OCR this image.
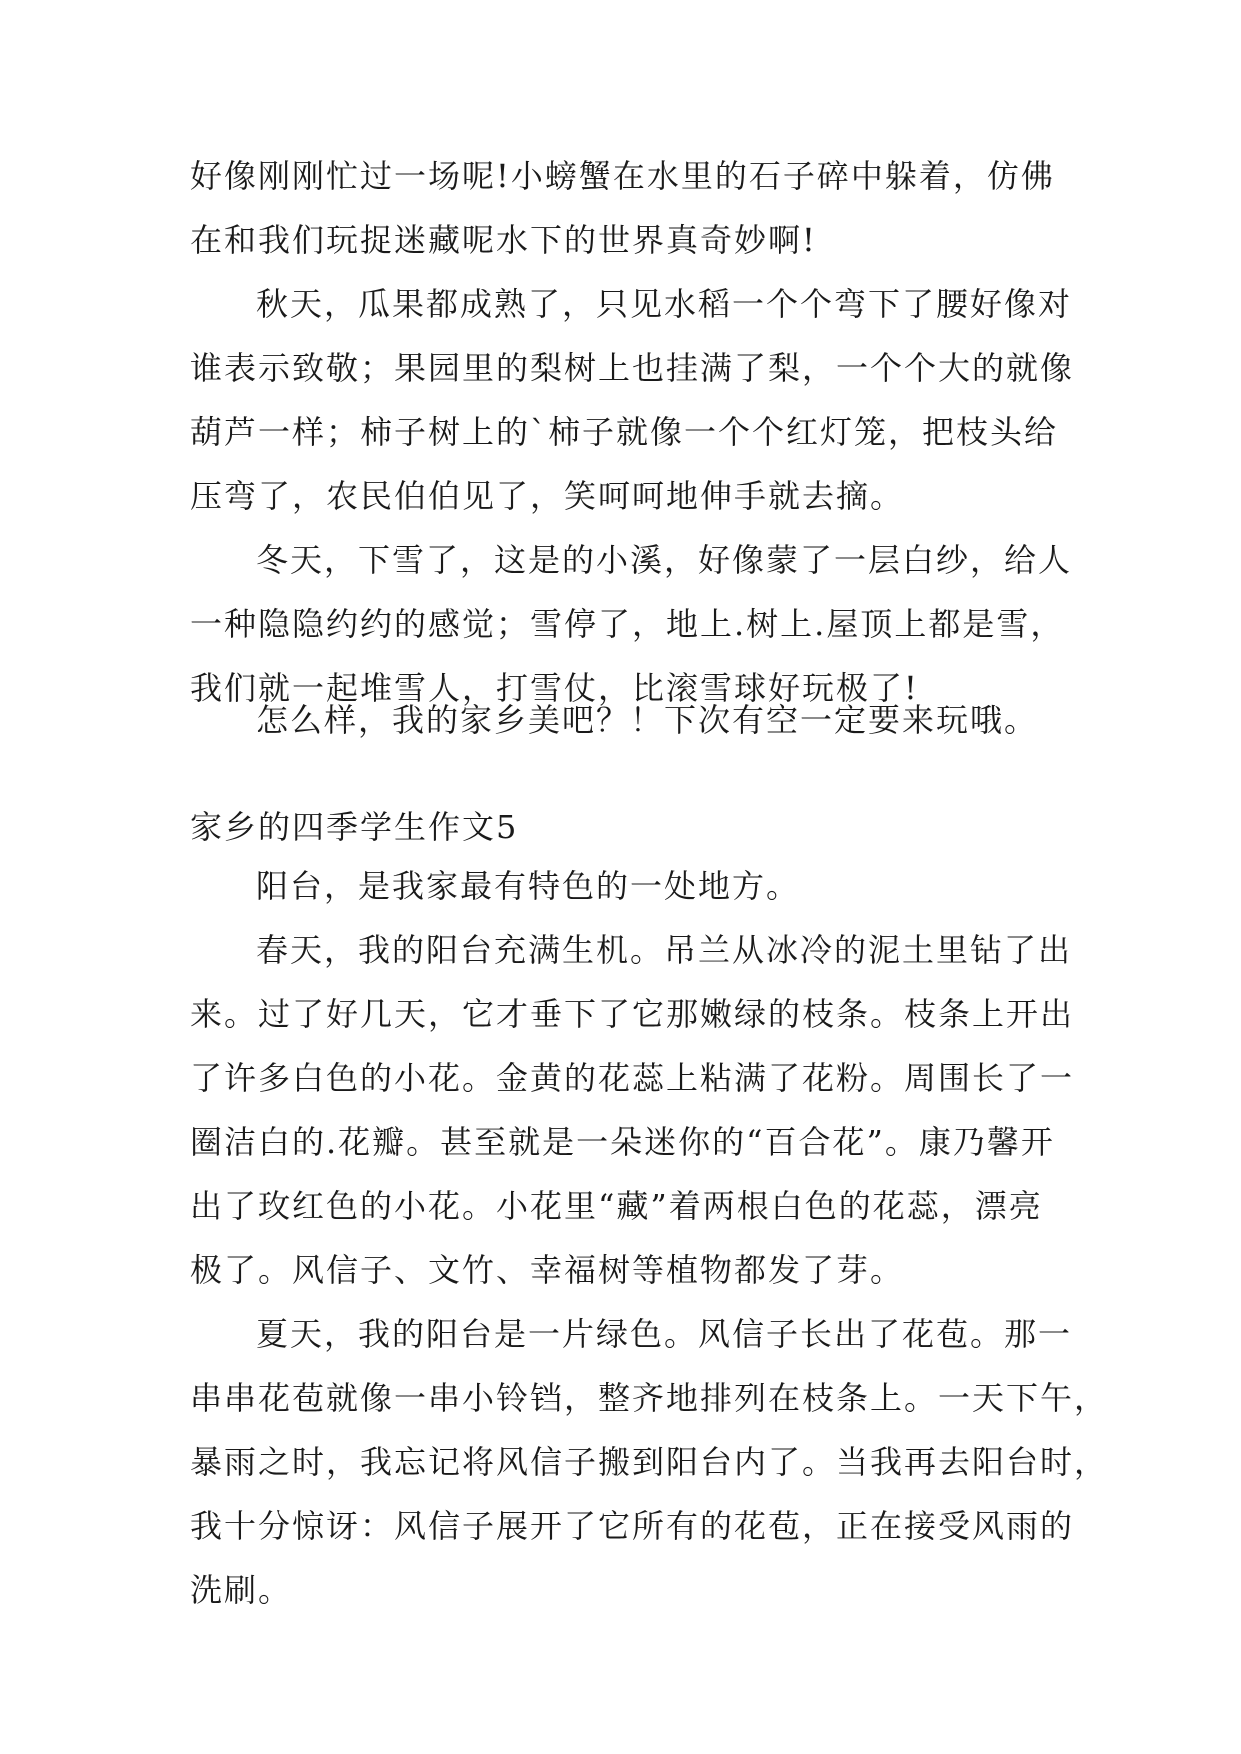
好像刚刚忙过一场呢!小螃蟹在水里的石子碎中躲着，仿佛
在和我们玩捉迷藏呢水下的世界真奇妙啊!
秋天，瓜果都成熟了，只见水稻一个个弯下了腰好像对
谁表示致敬；果园里的梨树上也挂满了梨，一个个大的就像
葫芦一样；柿子树上的`柿子就像一个个红灯笼，把枝头给
压弯了，农民伯伯见了，笑呵呵地伸手就去摘。
冬天，下雪了，这是的小溪，好像蒙了一层白纱，给人
一种隐隐约约的感觉；雪停了，地上.树上.屋顶上都是雪，
我们就一起堆雪人，打雪仗，比滚雪球好玩极了!
怎么样，我的家乡美吧？！下次有空一定要来玩哦。
家乡的四季学生作文5
阳台，是我家最有特色的一处地方。
春天，我的阳台充满生机。吊兰从冰冷的泥土里钻了出
来。过了好几天，它才垂下了它那嫩绿的枝条。枝条上开出
了许多白色的小花。金黄的花蕊上粘满了花粉。周围长了一
圈洁白的.花瓣。甚至就是一朵迷你的“百合花”。康乃馨开
出了玫红色的小花。小花里“藏”着两根白色的花蕊，漂亮
极了。风信子、文竹、幸福树等植物都发了芽。
夏天，我的阳台是一片绿色。风信子长出了花苞。那一
串串花苞就像一串小铃铛，整齐地排列在枝条上。一天下午，
暴雨之时，我忘记将风信子搬到阳台内了。当我再去阳台时，
我十分惊讶：风信子展开了它所有的花苞，正在接受风雨的
洗刷。
